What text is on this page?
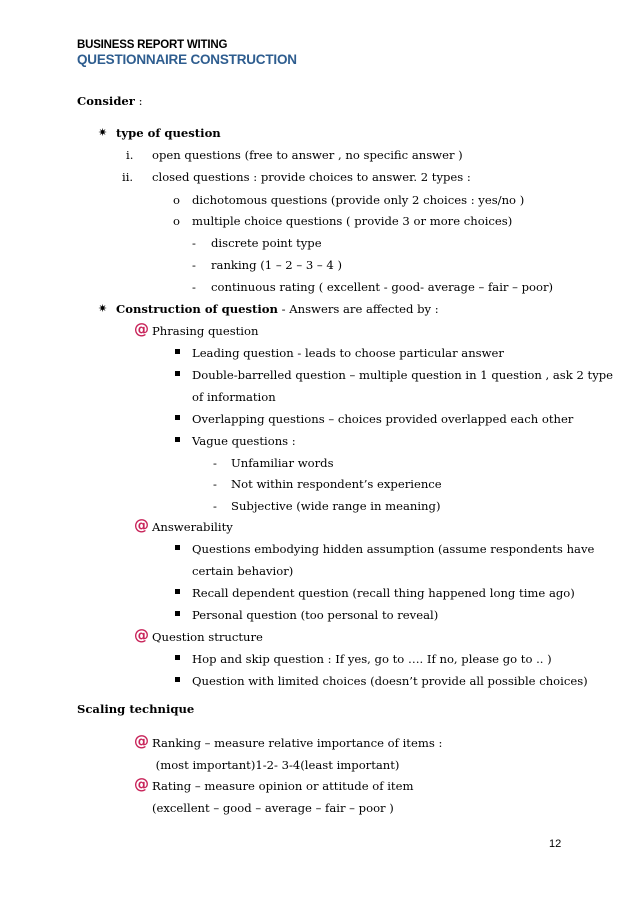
BUSINESS REPORT WITING
QUESTIONNAIRE CONSTRUCTION
Consider :
✷ type of question
i. open questions (free to answer , no specific answer )
ii. closed questions : provide choices to answer. 2 types :
o dichotomous questions (provide only 2 choices : yes/no )
o multiple choice questions ( provide 3 or more choices)
- discrete point type
- ranking (1 – 2 – 3 – 4 )
- continuous rating ( excellent - good- average – fair – poor)
✷ Construction of question - Answers are affected by :
@ Phrasing question
Leading question - leads to choose particular answer
Double-barrelled question – multiple question in 1 question , ask 2 type
of information
Overlapping questions – choices provided overlapped each other
Vague questions :
- Unfamiliar words
- Not within respondent’s experience
- Subjective (wide range in meaning)
@ Answerability
Questions embodying hidden assumption (assume respondents have
certain behavior)
Recall dependent question (recall thing happened long time ago)
Personal question (too personal to reveal)
@ Question structure
Hop and skip question : If yes, go to …. If no, please go to .. )
Question with limited choices (doesn’t provide all possible choices)
Scaling technique
@ Ranking – measure relative importance of items :
(most important)1-2- 3-4(least important)
@ Rating – measure opinion or attitude of item
(excellent – good – average – fair – poor )
12
